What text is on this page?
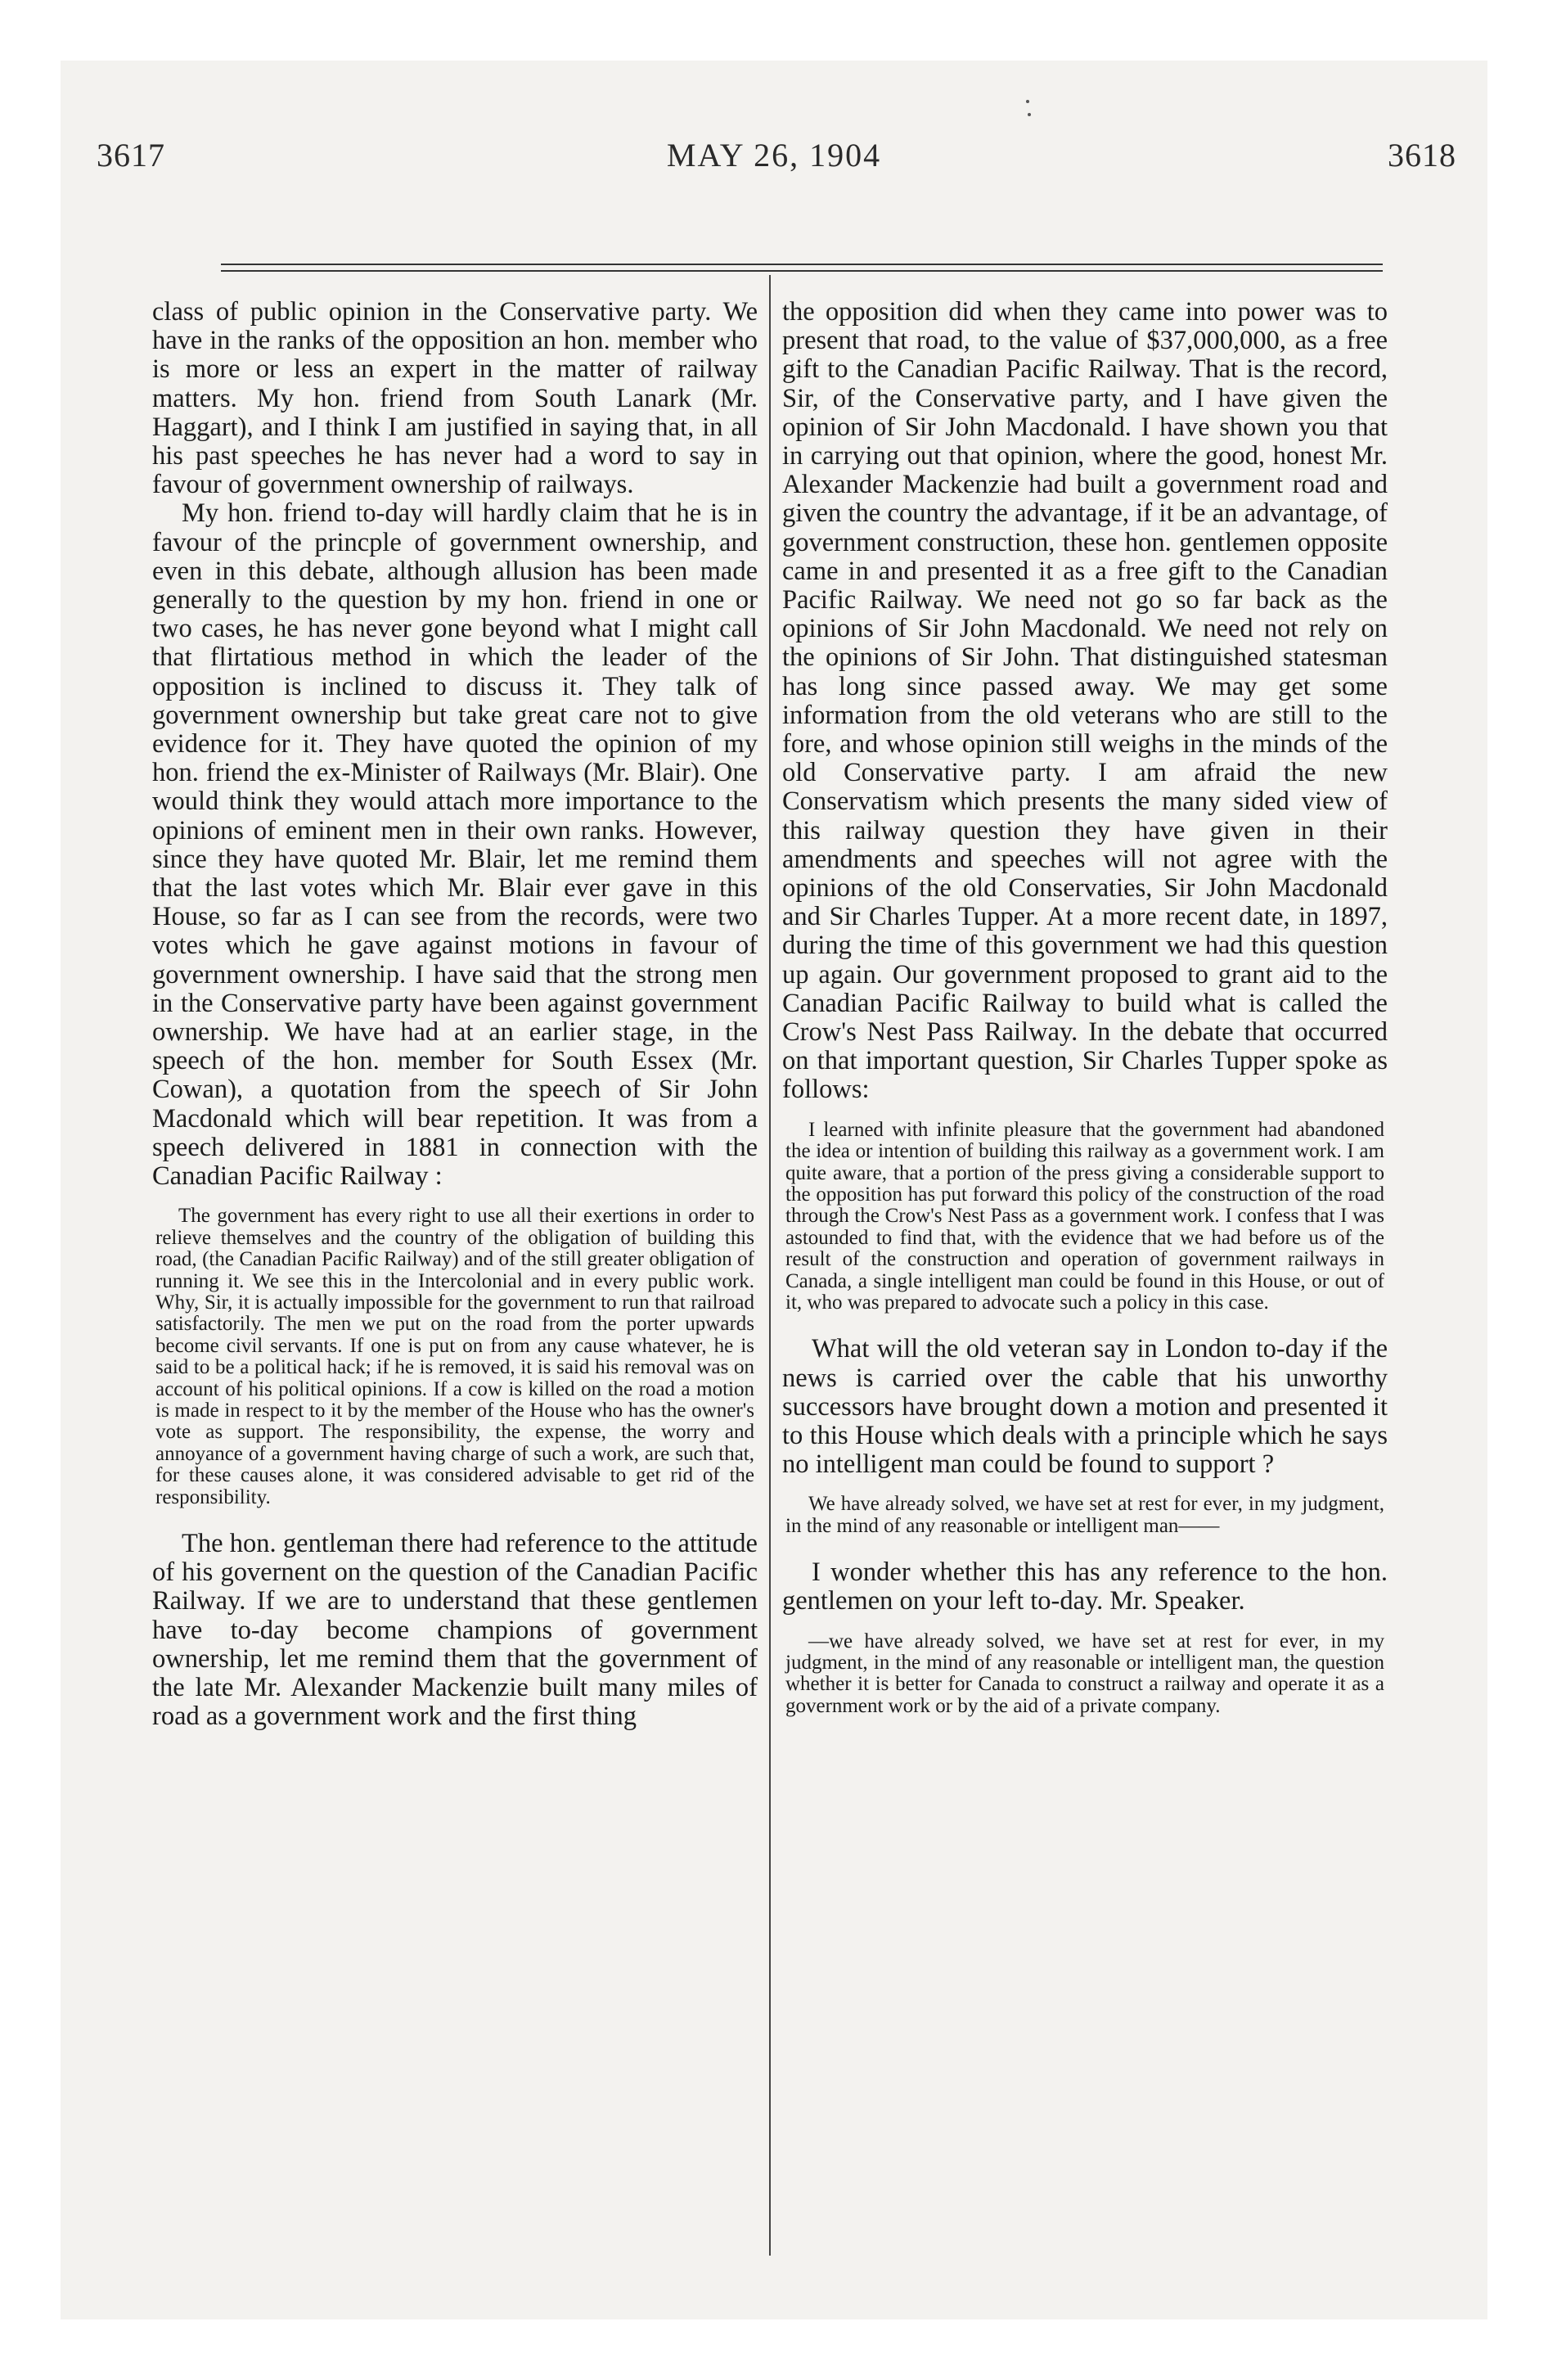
MAY 26, 1904
3617	3618

class of public opinion in the Conservative party. We have in the ranks of the opposition an hon. member who is more or less an expert in the matter of railway matters. My hon. friend from South Lanark (Mr. Haggart), and I think I am justified in saying that, in all his past speeches he has never had a word to say in favour of government ownership of railways.

My hon. friend to-day will hardly claim that he is in favour of the princple of government ownership, and even in this debate, although allusion has been made generally to the question by my hon. friend in one or two cases, he has never gone beyond what I might call that flirtatious method in which the leader of the opposition is inclined to discuss it. They talk of government ownership but take great care not to give evidence for it. They have quoted the opinion of my hon. friend the ex-Minister of Railways (Mr. Blair). One would think they would attach more importance to the opinions of eminent men in their own ranks. However, since they have quoted Mr. Blair, let me remind them that the last votes which Mr. Blair ever gave in this House, so far as I can see from the records, were two votes which he gave against motions in favour of government ownership. I have said that the strong men in the Conservative party have been against government ownership. We have had at an earlier stage, in the speech of the hon. member for South Essex (Mr. Cowan), a quotation from the speech of Sir John Macdonald which will bear repetition. It was from a speech delivered in 1881 in connection with the Canadian Pacific Railway :

The government has every right to use all their exertions in order to relieve themselves and the country of the obligation of building this road, (the Canadian Pacific Railway) and of the still greater obligation of running it. We see this in the Intercolonial and in every public work. Why, Sir, it is actually impossible for the government to run that railroad satisfactorily. The men we put on the road from the porter upwards become civil servants. If one is put on from any cause whatever, he is said to be a political hack; if he is removed, it is said his removal was on account of his political opinions. If a cow is killed on the road a motion is made in respect to it by the member of the House who has the owner's vote as support. The responsibility, the expense, the worry and annoyance of a government having charge of such a work, are such that, for these causes alone, it was considered advisable to get rid of the responsibility.

The hon. gentleman there had reference to the attitude of his governent on the question of the Canadian Pacific Railway. If we are to understand that these gentlemen have to-day become champions of government ownership, let me remind them that the government of the late Mr. Alexander Mackenzie built many miles of road as a government work and the first thing

the opposition did when they came into power was to present that road, to the value of $37,000,000, as a free gift to the Canadian Pacific Railway. That is the record, Sir, of the Conservative party, and I have given the opinion of Sir John Macdonald. I have shown you that in carrying out that opinion, where the good, honest Mr. Alexander Mackenzie had built a government road and given the country the advantage, if it be an advantage, of government construction, these hon. gentlemen opposite came in and presented it as a free gift to the Canadian Pacific Railway. We need not go so far back as the opinions of Sir John Macdonald. We need not rely on the opinions of Sir John. That distinguished statesman has long since passed away. We may get some information from the old veterans who are still to the fore, and whose opinion still weighs in the minds of the old Conservative party. I am afraid the new Conservatism which presents the many sided view of this railway question they have given in their amendments and speeches will not agree with the opinions of the old Conservaties, Sir John Macdonald and Sir Charles Tupper. At a more recent date, in 1897, during the time of this government we had this question up again. Our government proposed to grant aid to the Canadian Pacific Railway to build what is called the Crow's Nest Pass Railway. In the debate that occurred on that important question, Sir Charles Tupper spoke as follows:

I learned with infinite pleasure that the government had abandoned the idea or intention of building this railway as a government work. I am quite aware, that a portion of the press giving a considerable support to the opposition has put forward this policy of the construction of the road through the Crow's Nest Pass as a government work. I confess that I was astounded to find that, with the evidence that we had before us of the result of the construction and operation of government railways in Canada, a single intelligent man could be found in this House, or out of it, who was prepared to advocate such a policy in this case.

What will the old veteran say in London to-day if the news is carried over the cable that his unworthy successors have brought down a motion and presented it to this House which deals with a principle which he says no intelligent man could be found to support ?

We have already solved, we have set at rest for ever, in my judgment, in the mind of any reasonable or intelligent man——

I wonder whether this has any reference to the hon. gentlemen on your left to-day. Mr. Speaker.

—we have already solved, we have set at rest for ever, in my judgment, in the mind of any reasonable or intelligent man, the question whether it is better for Canada to construct a railway and operate it as a government work or by the aid of a private company.
